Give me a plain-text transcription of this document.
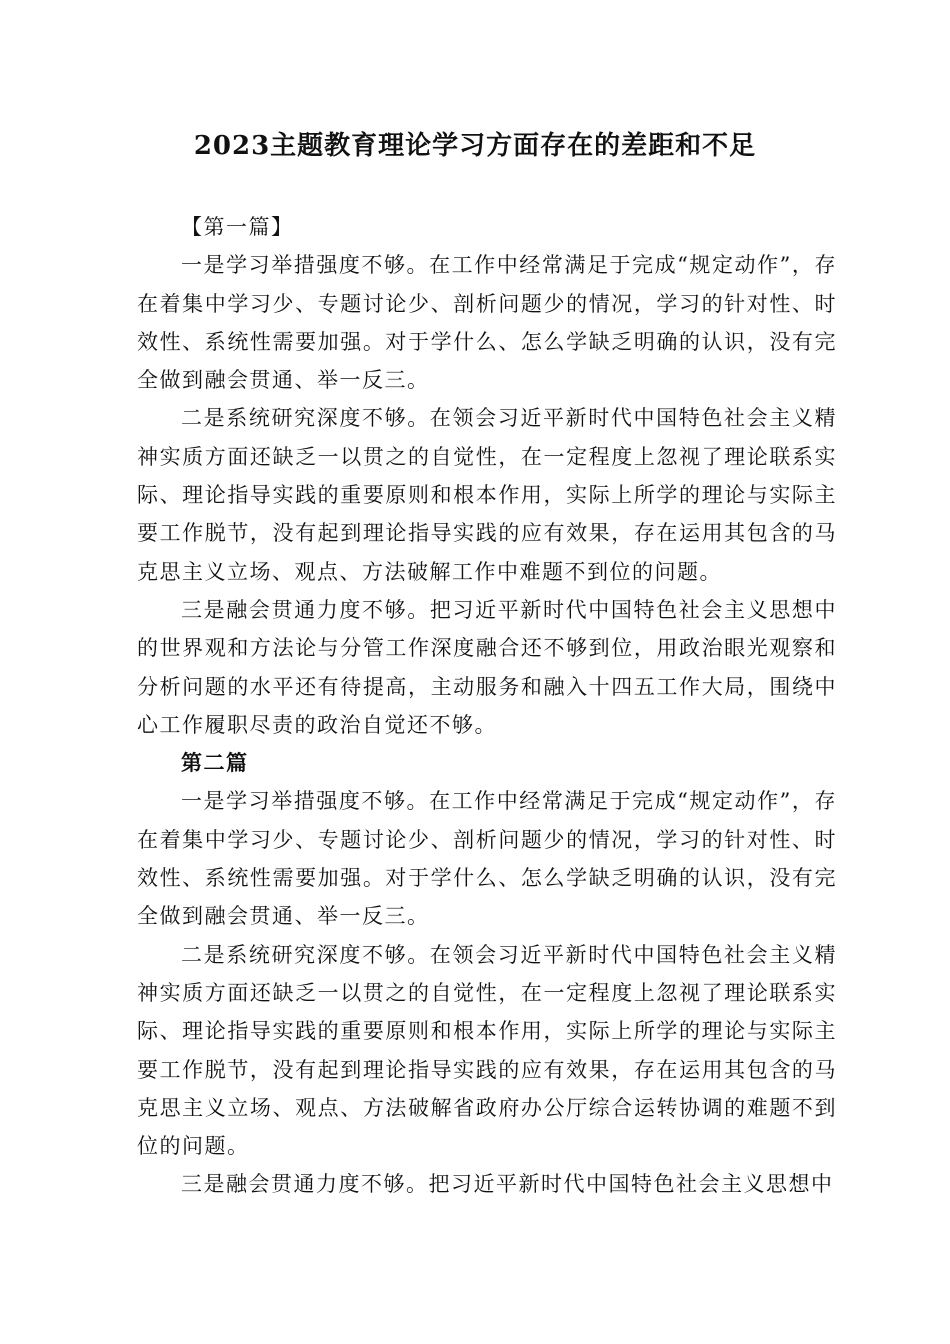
2023主题教育理论学习方面存在的差距和不足
【第一篇】

一是学习举措强度不够。在工作中经常满足于完成“规定动作”，存在着集中学习少、专题讨论少、剖析问题少的情况，学习的针对性、时效性、系统性需要加强。对于学什么、怎么学缺乏明确的认识，没有完全做到融会贯通、举一反三。

二是系统研究深度不够。在领会习近平新时代中国特色社会主义精神实质方面还缺乏一以贯之的自觉性，在一定程度上忽视了理论联系实际、理论指导实践的重要原则和根本作用，实际上所学的理论与实际主要工作脱节，没有起到理论指导实践的应有效果，存在运用其包含的马克思主义立场、观点、方法破解工作中难题不到位的问题。

三是融会贯通力度不够。把习近平新时代中国特色社会主义思想中的世界观和方法论与分管工作深度融合还不够到位，用政治眼光观察和分析问题的水平还有待提高，主动服务和融入十四五工作大局，围绕中心工作履职尽责的政治自觉还不够。

第二篇

一是学习举措强度不够。在工作中经常满足于完成“规定动作”，存在着集中学习少、专题讨论少、剖析问题少的情况，学习的针对性、时效性、系统性需要加强。对于学什么、怎么学缺乏明确的认识，没有完全做到融会贯通、举一反三。

二是系统研究深度不够。在领会习近平新时代中国特色社会主义精神实质方面还缺乏一以贯之的自觉性，在一定程度上忽视了理论联系实际、理论指导实践的重要原则和根本作用，实际上所学的理论与实际主要工作脱节，没有起到理论指导实践的应有效果，存在运用其包含的马克思主义立场、观点、方法破解省政府办公厅综合运转协调的难题不到位的问题。

三是融会贯通力度不够。把习近平新时代中国特色社会主义思想中
